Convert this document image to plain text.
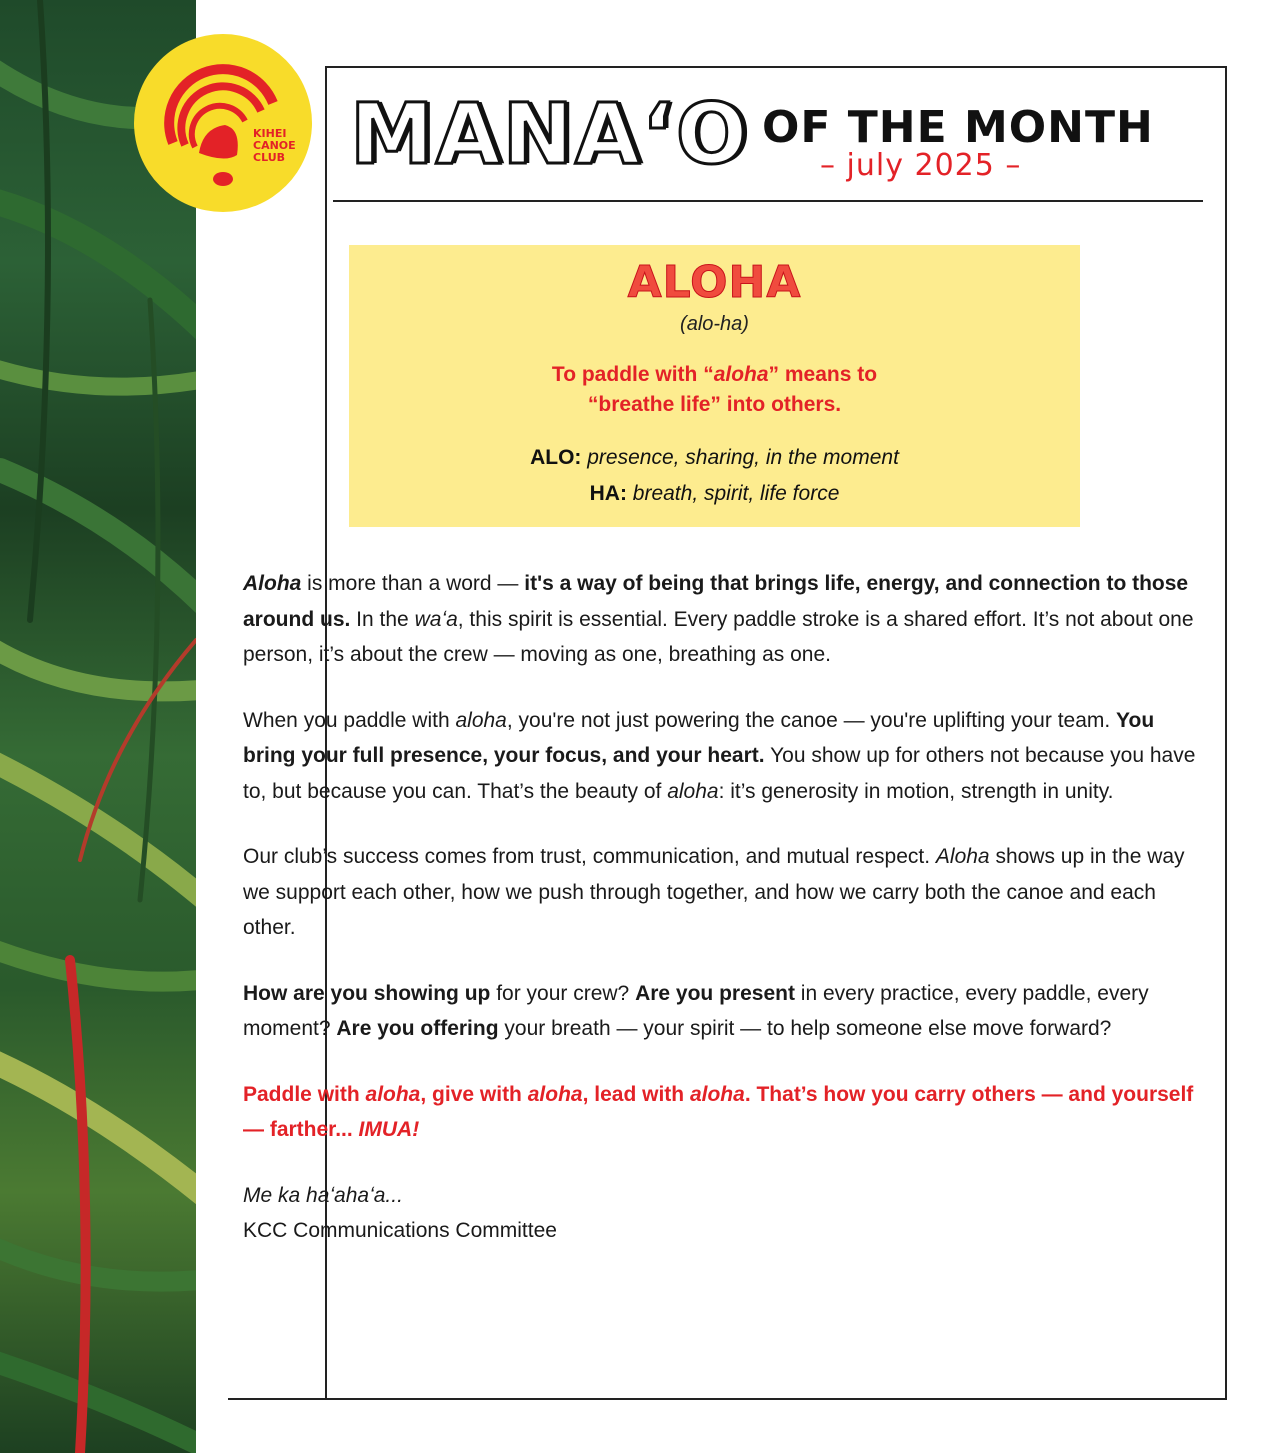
KIHEI
CANOE
CLUB MANAʻO OF THE MONTH
– july 2025 –
ALOHA
(alo-ha)
To paddle with “aloha” means to
“breathe life” into others.
ALO: presence, sharing, in the moment
HA: breath, spirit, life force

Aloha is more than a word — it's a way of being that brings life, energy, and connection to those around us. In the waʻa, this spirit is essential. Every paddle stroke is a shared effort. It’s not about one person, it’s about the crew — moving as one, breathing as one.

When you paddle with aloha, you're not just powering the canoe — you're uplifting your team. You bring your full presence, your focus, and your heart. You show up for others not because you have to, but because you can. That’s the beauty of aloha: it’s generosity in motion, strength in unity.

Our club’s success comes from trust, communication, and mutual respect. Aloha shows up in the way we support each other, how we push through together, and how we carry both the canoe and each other.

How are you showing up for your crew? Are you present in every practice, every paddle, every moment? Are you offering your breath — your spirit — to help someone else move forward?

Paddle with aloha, give with aloha, lead with aloha. That’s how you carry others — and yourself — farther... IMUA!

Me ka haʻahaʻa...
KCC Communications Committee
